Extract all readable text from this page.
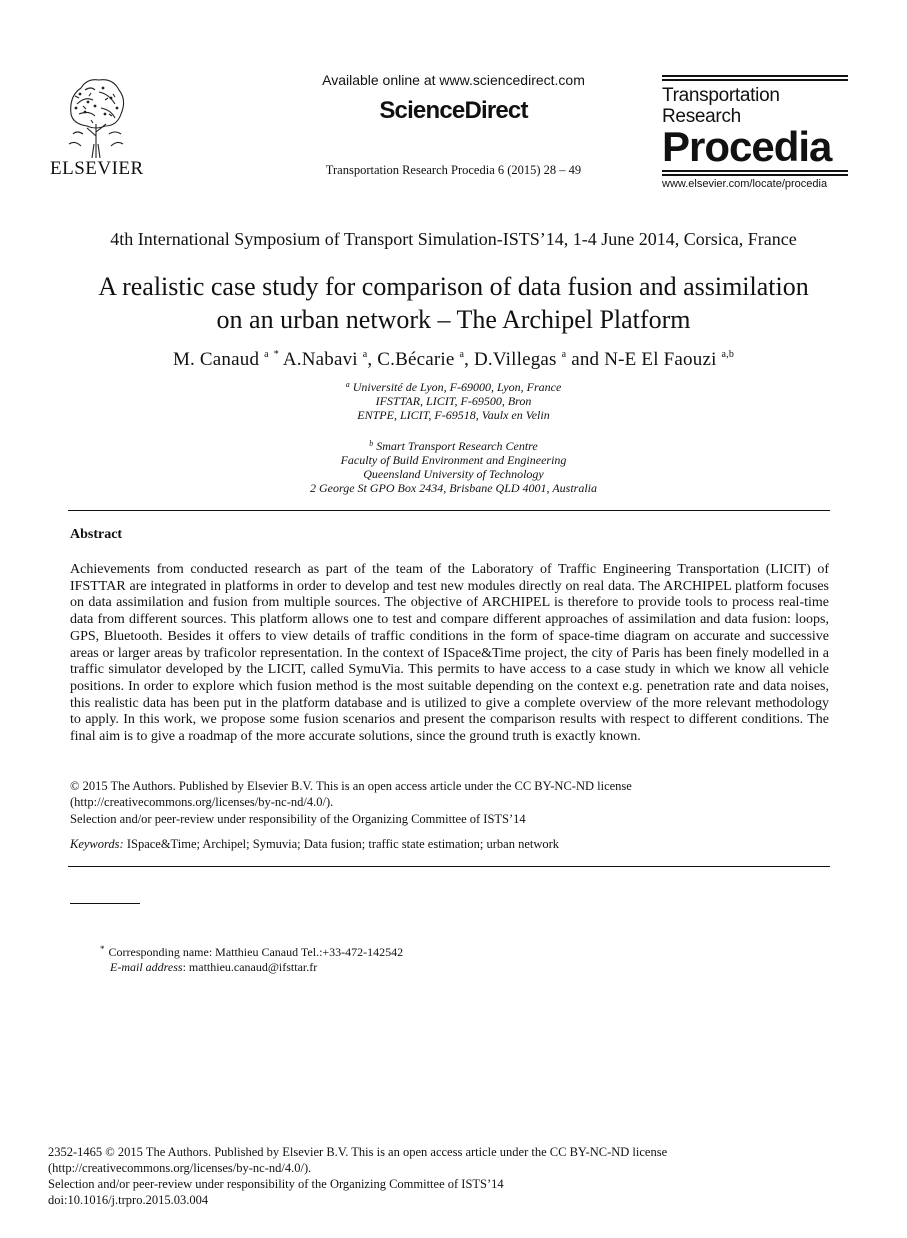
ELSEVIER
Available online at www.sciencedirect.com
ScienceDirect
Transportation Research Procedia 6 (2015) 28 – 49
Transportation
Research
Procedia
www.elsevier.com/locate/procedia
4th International Symposium of Transport Simulation-ISTS’14, 1-4 June 2014, Corsica, France
A realistic case study for comparison of data fusion and assimilation
on an urban network – The Archipel Platform
M. Canaud $^a$ * A.Nabavi $^a$, C.Bécarie $^a$, D.Villegas $^a$ and N-E El Faouzi $^{a,b}$
$^a$ Université de Lyon, F-69000, Lyon, France
IFSTTAR, LICIT, F-69500, Bron
ENTPE, LICIT, F-69518, Vaulx en Velin
$^b$ Smart Transport Research Centre
Faculty of Build Environment and Engineering
Queensland University of Technology
2 George St GPO Box 2434, Brisbane QLD 4001, Australia
Abstract
Achievements from conducted research as part of the team of the Laboratory of Traffic Engineering Transportation (LICIT) of IFSTTAR are integrated in platforms in order to develop and test new modules directly on real data. The ARCHIPEL platform focuses on data assimilation and fusion from multiple sources. The objective of ARCHIPEL is therefore to provide tools to process real-time data from different sources. This platform allows one to test and compare different approaches of assimilation and data fusion: loops, GPS, Bluetooth. Besides it offers to view details of traffic conditions in the form of space-time diagram on accurate and successive areas or larger areas by traficolor representation. In the context of ISpace&Time project, the city of Paris has been finely modelled in a traffic simulator developed by the LICIT, called SymuVia. This permits to have access to a case study in which we know all vehicle positions. In order to explore which fusion method is the most suitable depending on the context e.g. penetration rate and data noises, this realistic data has been put in the platform database and is utilized to give a complete overview of the more relevant methodology to apply. In this work, we propose some fusion scenarios and present the comparison results with respect to different conditions. The final aim is to give a roadmap of the more accurate solutions, since the ground truth is exactly known.
© 2015 The Authors. Published by Elsevier B.V. This is an open access article under the CC BY-NC-ND license
(http://creativecommons.org/licenses/by-nc-nd/4.0/).
Selection and/or peer-review under responsibility of the Organizing Committee of ISTS’14
Keywords: ISpace&Time; Archipel; Symuvia; Data fusion; traffic state estimation; urban network
* Corresponding name: Matthieu Canaud Tel.:+33-472-142542
E-mail address: matthieu.canaud@ifsttar.fr
2352-1465 © 2015 The Authors. Published by Elsevier B.V. This is an open access article under the CC BY-NC-ND license
(http://creativecommons.org/licenses/by-nc-nd/4.0/).
Selection and/or peer-review under responsibility of the Organizing Committee of ISTS’14
doi:10.1016/j.trpro.2015.03.004
